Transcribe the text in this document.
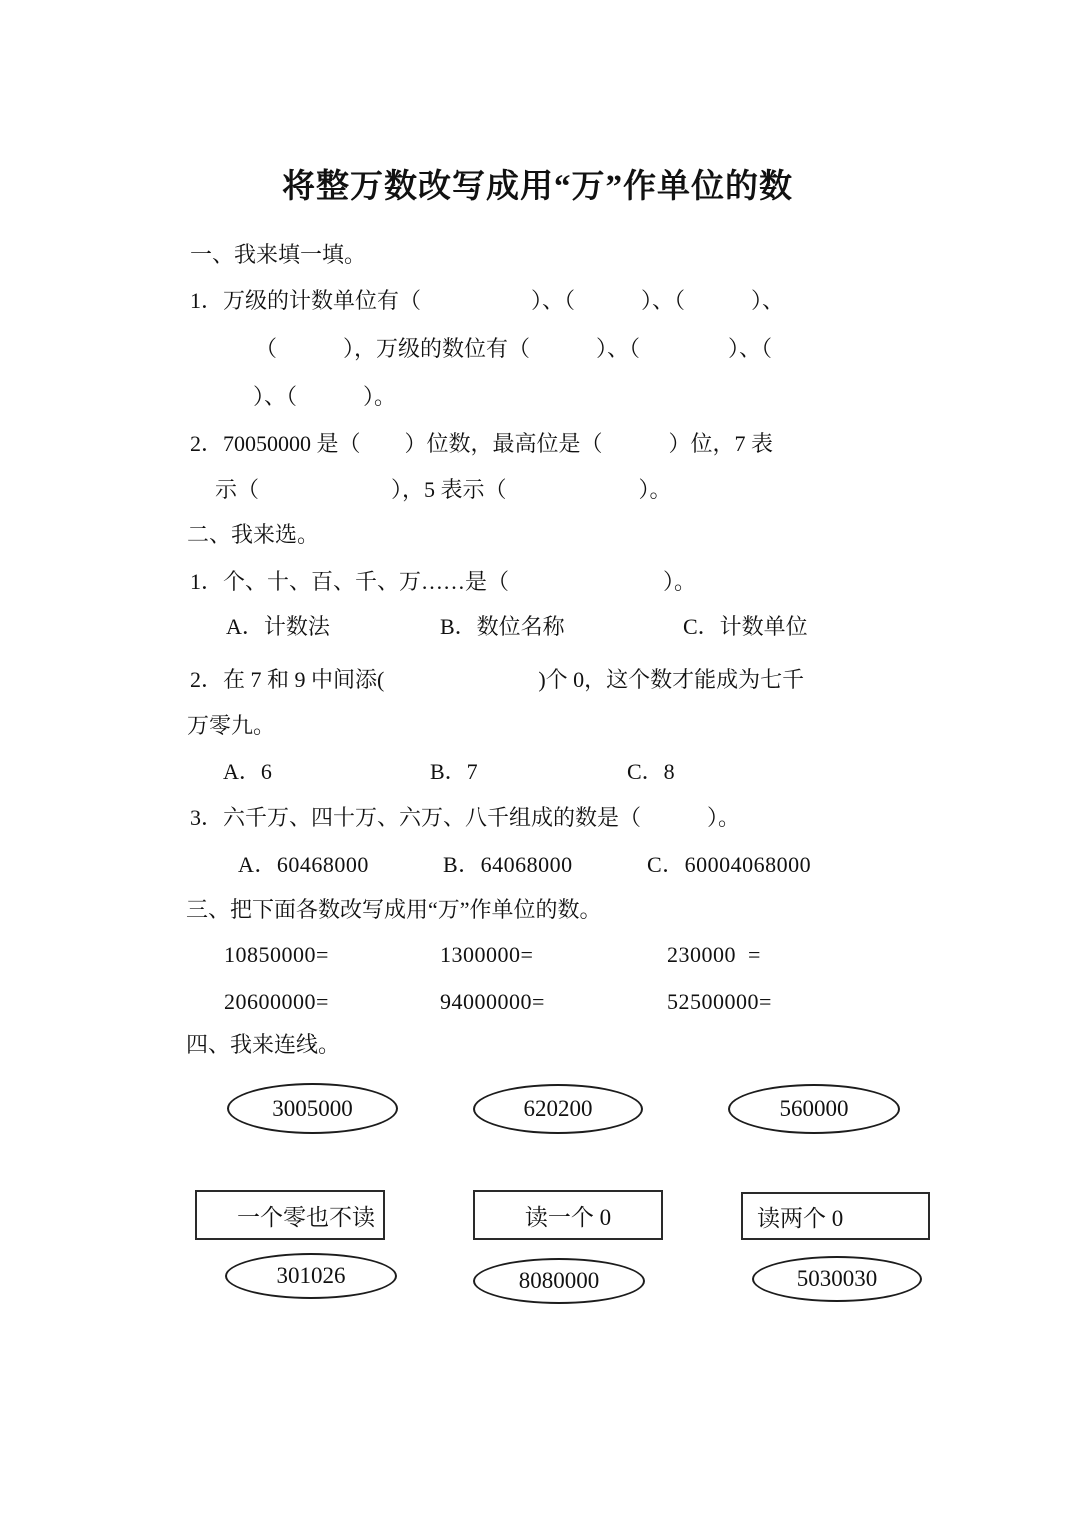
将整万数改写成用“万”作单位的数
一、我来填一填。
1．万级的计数单位有（　　　　　）、（　　　）、（　　　）、
（　　　），万级的数位有（　　　）、（　　　　）、（
）、（　　　）。
2．70050000 是（　　）位数，最高位是（　　　）位，7 表
示（　　　　　　），5 表示（　　　　　　）。
二、我来选。
1．个、十、百、千、万……是（　　　　　　　）。
A．计数法	B．数位名称	C．计数单位
2．在 7 和 9 中间添(　　　　　　　)个 0，这个数才能成为七千
万零九。
A．6	B．7	C．8
3．六千万、四十万、六万、八千组成的数是（　　　）。
A．60468000	B．64068000	C．60004068000
三、把下面各数改写成用“万”作单位的数。
10850000=	1300000=	230000  =
20600000=	94000000=	52500000=
四、我来连线。
3005000	620200	560000
一个零也不读	读一个 0	读两个 0
301026	8080000	5030030
